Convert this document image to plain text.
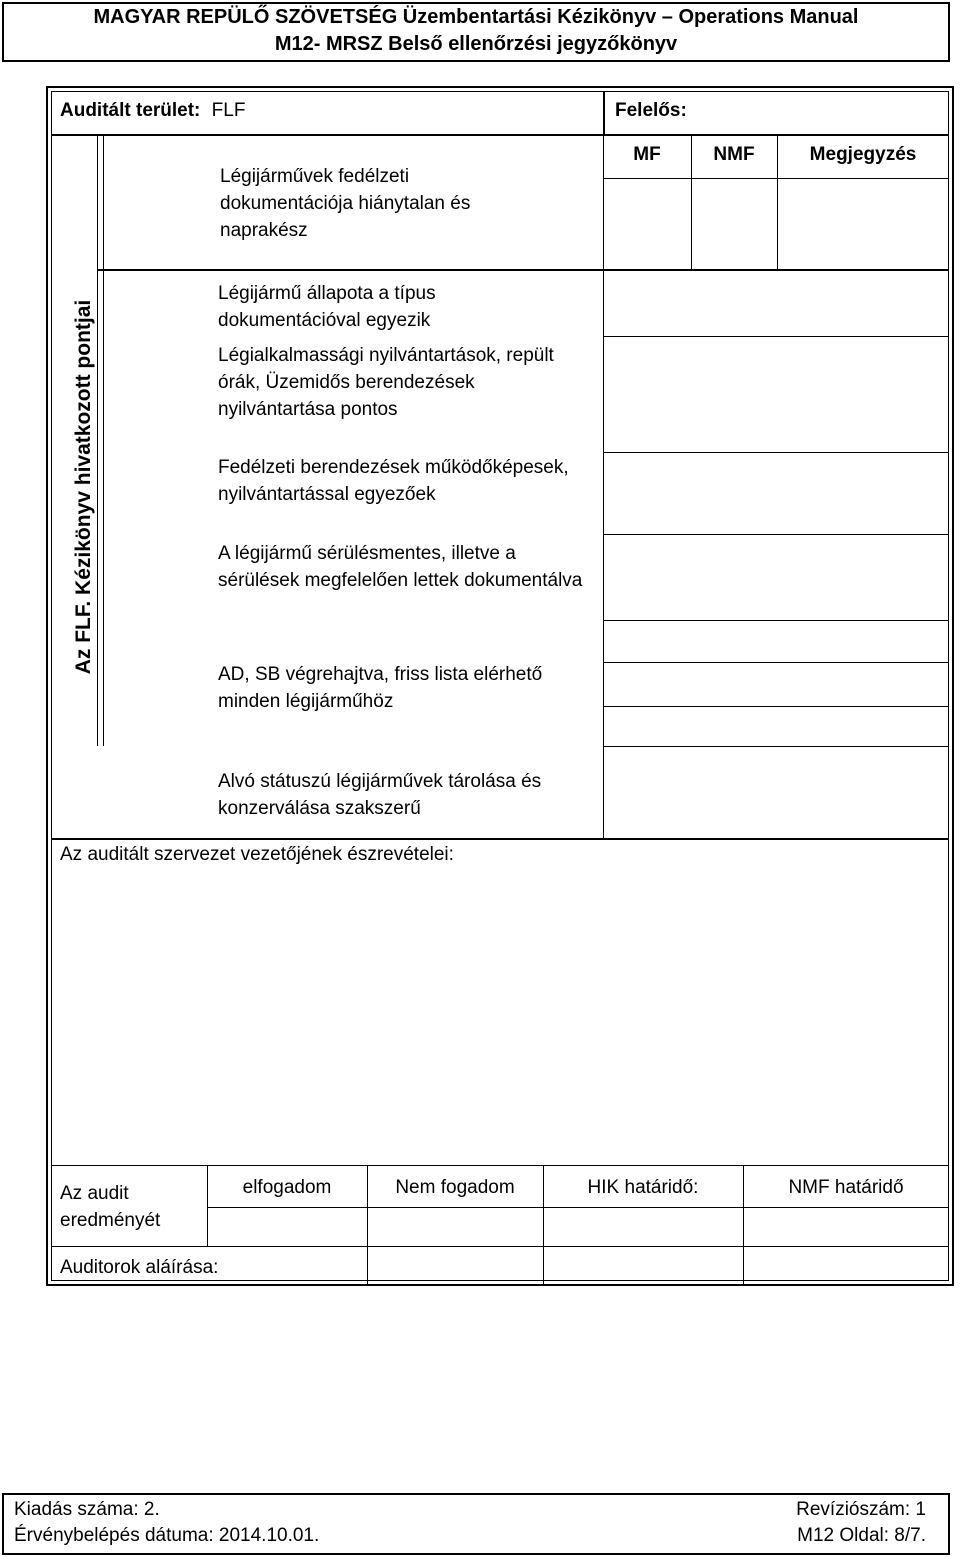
MAGYAR REPÜLŐ SZÖVETSÉG Üzembentartási Kézikönyv – Operations Manual
M12- MRSZ Belső ellenőrzési jegyzőkönyv
Auditált terület: FLF	Felelős:
MF	NMF	Megjegyzés
Az FLF. Kézikönyv hivatkozott pontjai
Légijárművek fedélzeti dokumentációja hiánytalan és naprakész
Légijármű állapota a típus dokumentációval egyezik
Légialkalmassági nyilvántartások, repült órák, Üzemidős berendezések nyilvántartása pontos
Fedélzeti berendezések működőképesek, nyilvántartással egyezőek
A légijármű sérülésmentes, illetve a sérülések megfelelően lettek dokumentálva
AD, SB végrehajtva, friss lista elérhető minden légijárműhöz
Alvó státuszú légijárművek tárolása és konzerválása szakszerű
Az auditált szervezet vezetőjének észrevételei:
Az audit eredményét
elfogadom	Nem fogadom	HIK határidő:	NMF határidő
Auditorok aláírása:
Kiadás száma: 2.	Revíziószám: 1
Érvénybelépés dátuma: 2014.10.01.	M12 Oldal: 8/7.
